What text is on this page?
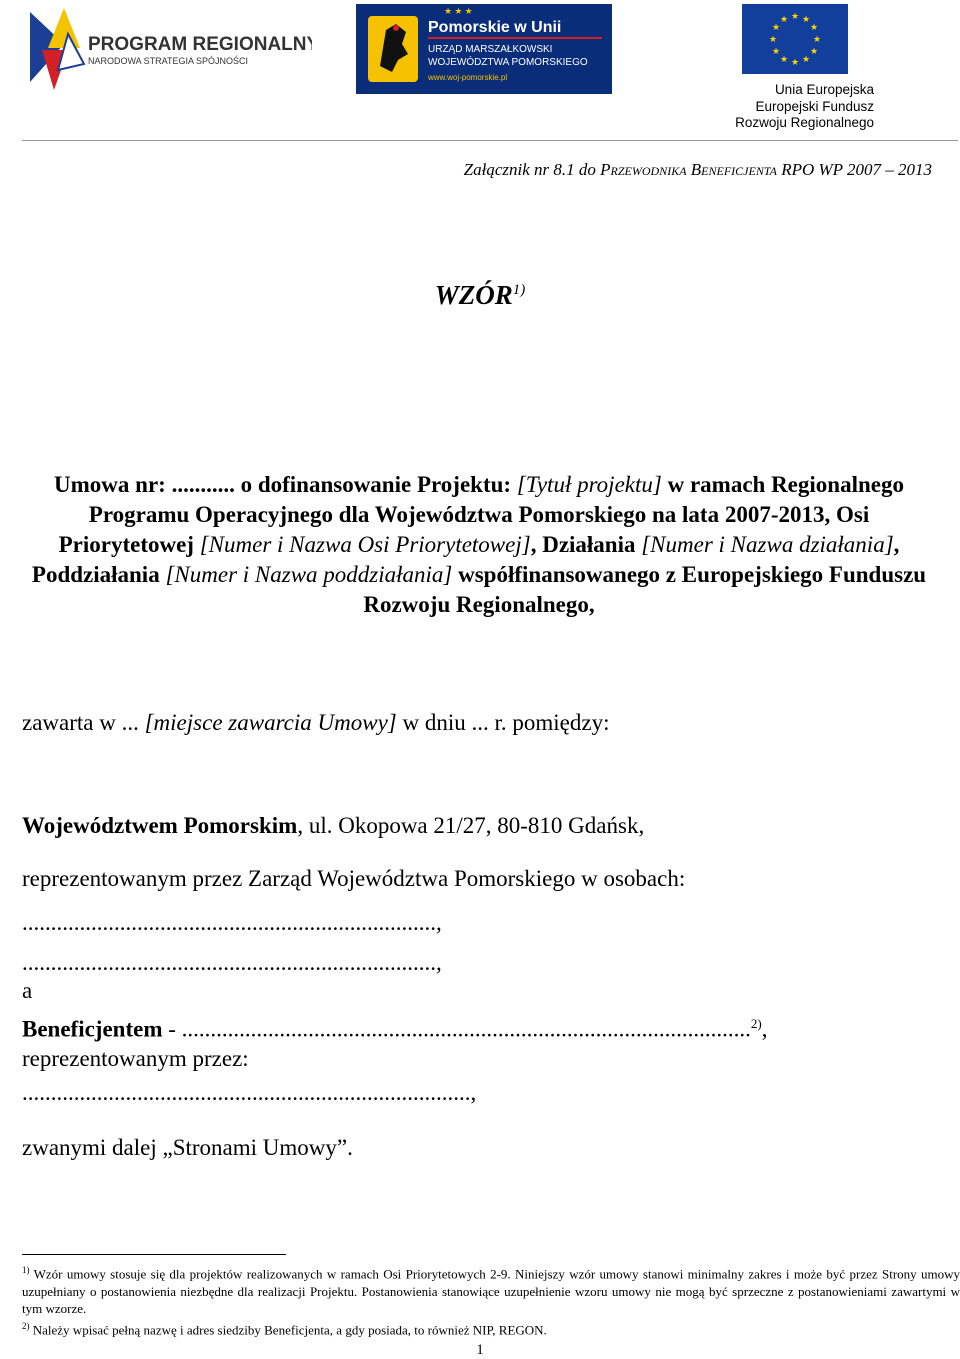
PROGRAM REGIONALNY
NARODOWA STRATEGIA SPÓJNOŚCI
★ ★ ★
Pomorskie w Unii
URZĄD MARSZAŁKOWSKI
WOJEWÓDZTWA POMORSKIEGO
www.woj-pomorskie.pl
★ ★
★
★
★
★
★
★
★
★
★
★
Unia Europejska
Europejski Fundusz
Rozwoju Regionalnego
Załącznik nr 8.1 do Przewodnika Beneficjenta RPO WP 2007 – 2013
WZÓR$^{1)}$
Umowa nr: ........... o dofinansowanie Projektu: [Tytuł projektu] w ramach Regionalnego Programu Operacyjnego dla Województwa Pomorskiego na lata 2007-2013, Osi Priorytetowej [Numer i Nazwa Osi Priorytetowej], Działania [Numer i Nazwa działania], Poddziałania [Numer i Nazwa poddziałania] współfinansowanego z Europejskiego Funduszu Rozwoju Regionalnego,
zawarta w ... [miejsce zawarcia Umowy] w dniu ... r. pomiędzy:
Województwem Pomorskim, ul. Okopowa 21/27, 80-810 Gdańsk,
reprezentowanym przez Zarząd Województwa Pomorskiego w osobach:
........................................................................,
........................................................................,
a
Beneficjentem - ...................................................................................................$^{2)}$,
reprezentowanym przez:
..............................................................................,
zwanymi dalej „Stronami Umowy”.
$^{1)}$ Wzór umowy stosuje się dla projektów realizowanych w ramach Osi Priorytetowych 2-9. Niniejszy wzór umowy stanowi minimalny zakres i może być przez Strony umowy uzupełniany o postanowienia niezbędne dla realizacji Projektu. Postanowienia stanowiące uzupełnienie wzoru umowy nie mogą być sprzeczne z postanowieniami zawartymi w tym wzorze.
$^{2)}$ Należy wpisać pełną nazwę i adres siedziby Beneficjenta, a gdy posiada, to również NIP, REGON.
1
